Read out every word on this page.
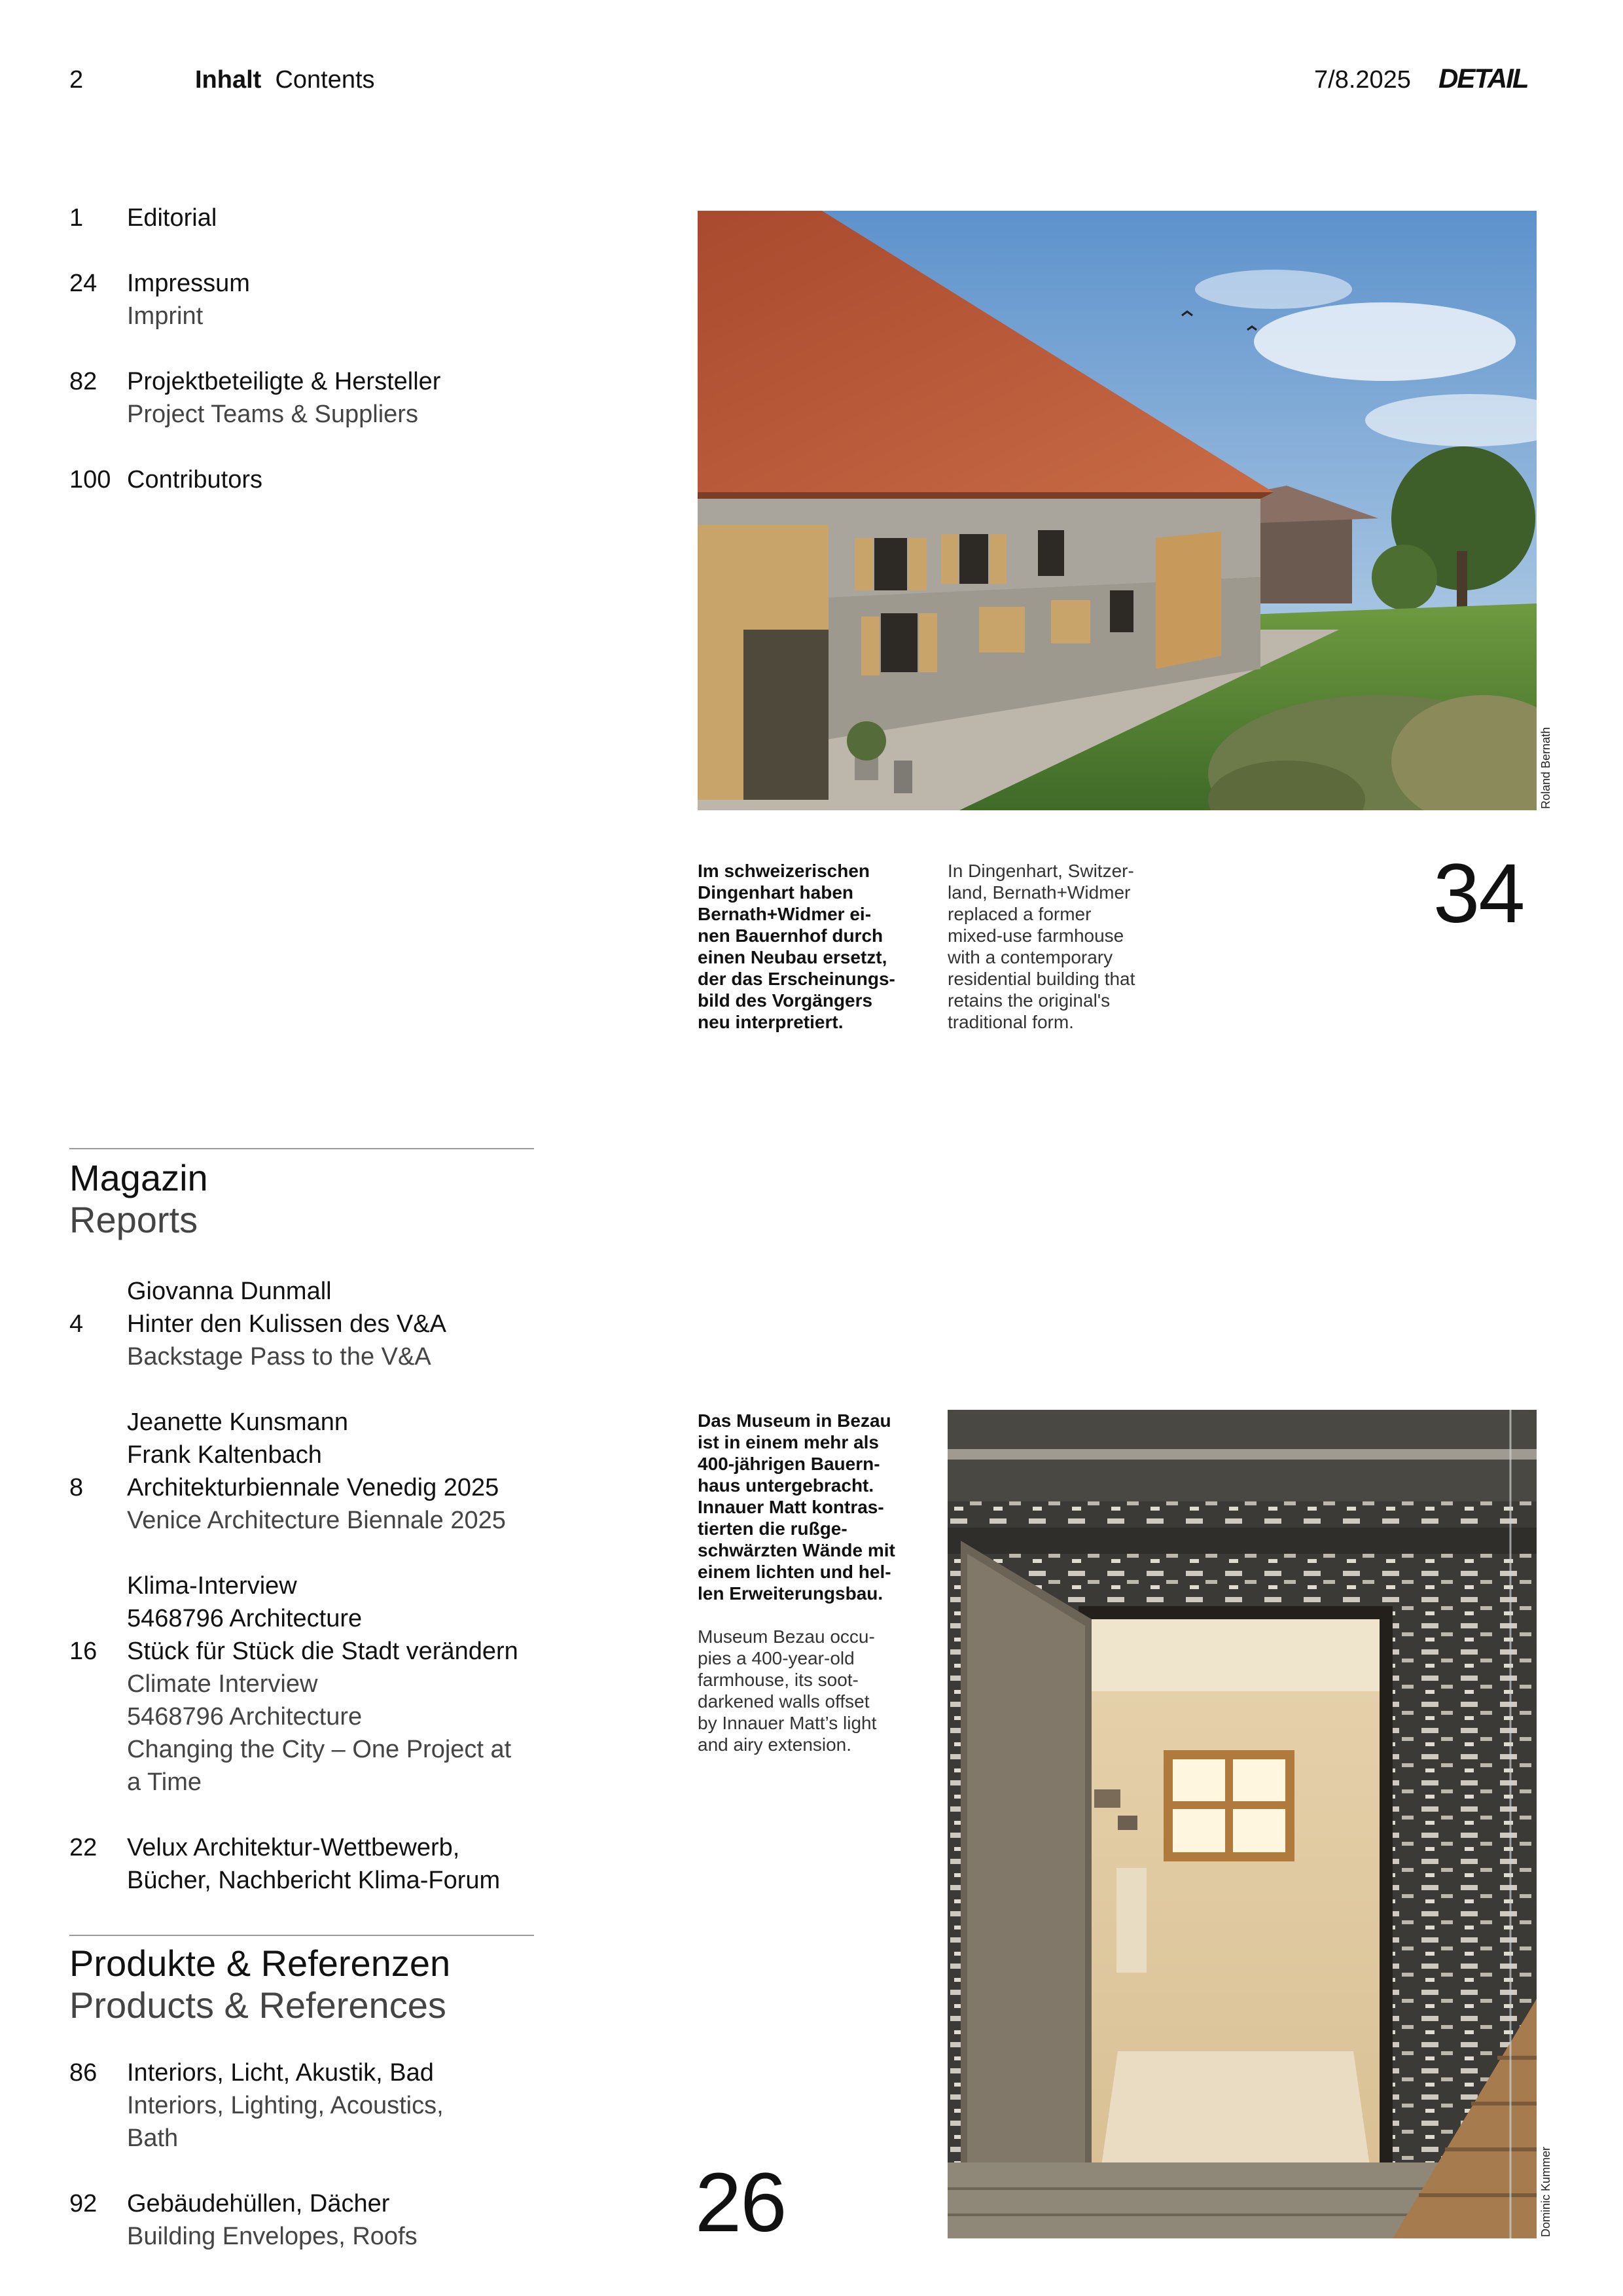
2	Inhalt Contents	7/8.2025 DETAIL
1 Editorial
24 Impressum
Imprint
82 Projektbeteiligte & Hersteller
Project Teams & Suppliers
100 Contributors
Magazin
Reports
4
Giovanna Dunmall
Hinter den Kulissen des V&A
Backstage Pass to the V&A
8
Jeanette Kunsmann
Frank Kaltenbach
Architekturbiennale Venedig 2025
Venice Architecture Biennale 2025
16
Klima-Interview
5468796 Architecture
Stück für Stück die Stadt verändern
Climate Interview
5468796 Architecture
Changing the City – One Project at
a Time
22 Velux Architektur-Wettbewerb,
Bücher, Nachbericht Klima-Forum
Produkte & Referenzen
Products & References
86 Interiors, Licht, Akustik, Bad
Interiors, Lighting, Acoustics,
Bath
92 Gebäudehüllen, Dächer
Building Envelopes, Roofs
Roland Bernath
Im schweizerischen
Dingenhart haben
Bernath+Widmer ei-
nen Bauernhof durch
einen Neubau ersetzt,
der das Erscheinungs-
bild des Vorgängers
neu interpretiert.
In Dingenhart, Switzer-
land, Bernath+Widmer
replaced a former
mixed-use farmhouse
with a contemporary
residential building that
retains the original's
traditional form.
34
Das Museum in Bezau
ist in einem mehr als
400-jährigen Bauern-
haus untergebracht.
Innauer Matt kontras-
tierten die rußge-
schwärzten Wände mit
einem lichten und hel-
len Erweiterungsbau.
Museum Bezau occu-
pies a 400-year-old
farmhouse, its soot-
darkened walls offset
by Innauer Matt’s light
and airy extension.
Dominic Kummer
26
